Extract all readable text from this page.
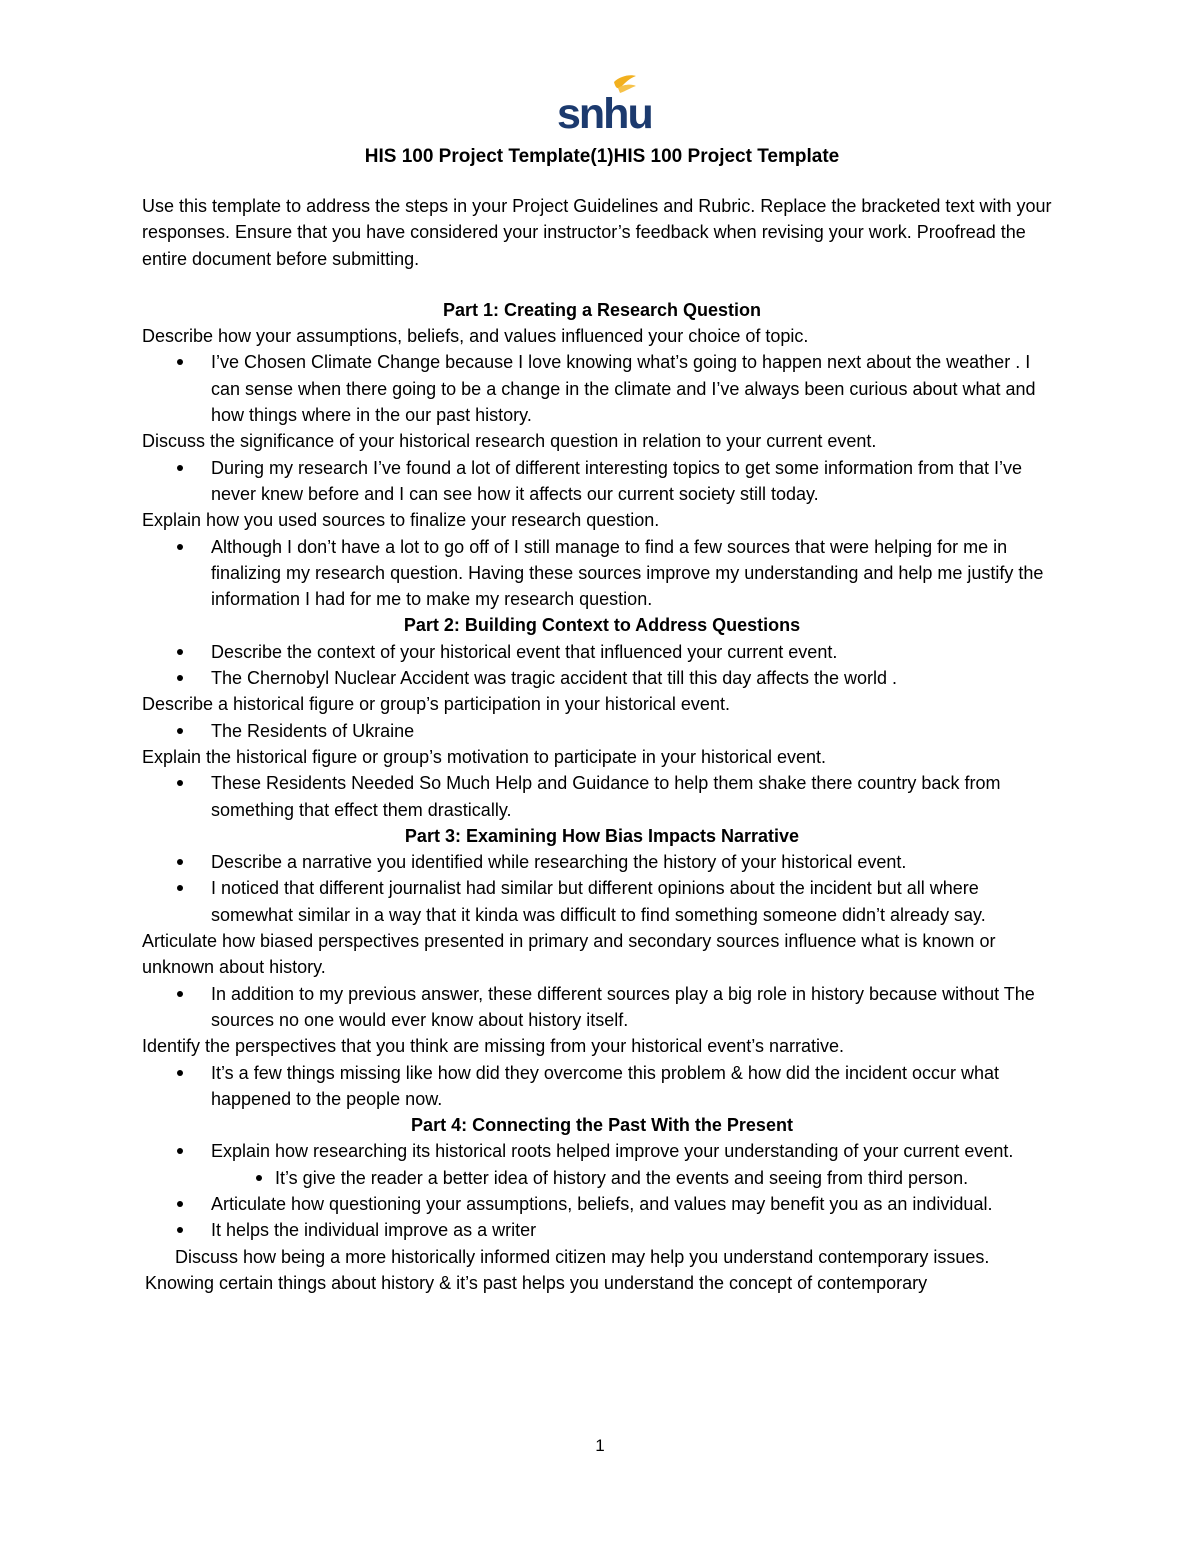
snhu

HIS 100 Project Template(1)HIS 100 Project Template

Use this template to address the steps in your Project Guidelines and Rubric. Replace the bracketed text with your responses. Ensure that you have considered your instructor’s feedback when revising your work. Proofread the entire document before submitting.

Part 1: Creating a Research Question

Describe how your assumptions, beliefs, and values influenced your choice of topic.

I’ve Chosen Climate Change because I love knowing what’s going to happen next about the weather . I can sense when there going to be a change in the climate and I’ve always been curious about what and how things where in the our past history.

Discuss the significance of your historical research question in relation to your current event.

During my research I’ve found a lot of different interesting topics to get some information from that I’ve never knew before and I can see how it affects our current society still today.

Explain how you used sources to finalize your research question.

Although I don’t have a lot to go off of I still manage to find a few sources that were helping for me in finalizing my research question. Having these sources improve my understanding and help me justify the information I had for me to make my research question.

Part 2: Building Context to Address Questions

Describe the context of your historical event that influenced your current event.
The Chernobyl Nuclear Accident was tragic accident that till this day affects the world .

Describe a historical figure or group’s participation in your historical event.

The Residents of Ukraine

Explain the historical figure or group’s motivation to participate in your historical event.

These Residents Needed So Much Help and Guidance to help them shake there country back from something that effect them drastically.

Part 3: Examining How Bias Impacts Narrative

Describe a narrative you identified while researching the history of your historical event.
I noticed that different journalist had similar but different opinions about the incident but all where somewhat similar in a way that it kinda was difficult to find something someone didn’t already say.

Articulate how biased perspectives presented in primary and secondary sources influence what is known or unknown about history.

In addition to my previous answer, these different sources play a big role in history because without The sources no one would ever know about history itself.

Identify the perspectives that you think are missing from your historical event’s narrative.

It’s a few things missing like how did they overcome this problem & how did the incident occur what happened to the people now.

Part 4: Connecting the Past With the Present

Explain how researching its historical roots helped improve your understanding of your current event.
It’s give the reader a better idea of history and the events and seeing from third person.
Articulate how questioning your assumptions, beliefs, and values may benefit you as an individual.
It helps the individual improve as a writer

Discuss how being a more historically informed citizen may help you understand contemporary issues.

Knowing certain things about history & it’s past helps you understand the concept of contemporary

1
